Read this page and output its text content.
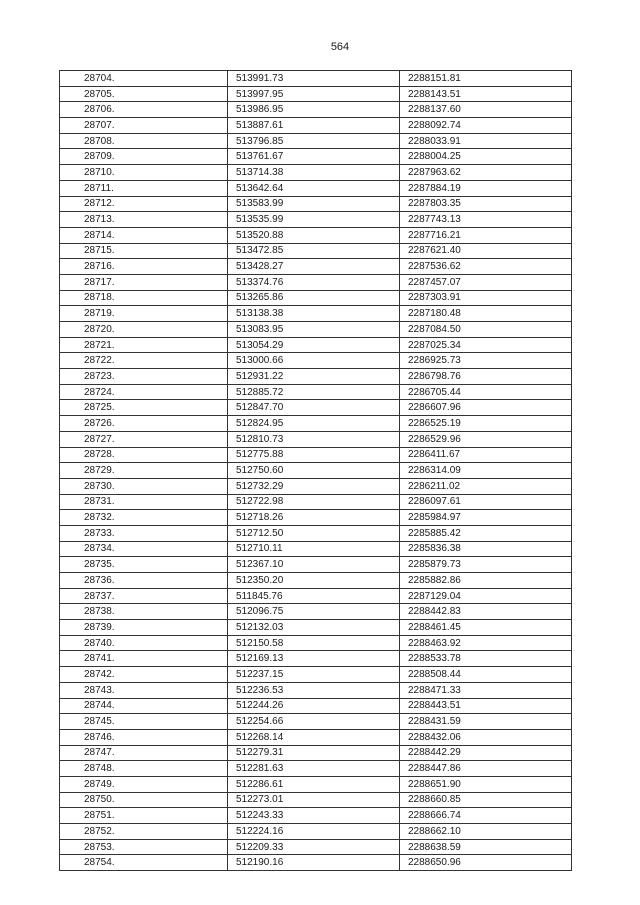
564
28704.	513991.73	2288151.81
28705.	513997.95	2288143.51
28706.	513986.95	2288137.60
28707.	513887.61	2288092.74
28708.	513796.85	2288033.91
28709.	513761.67	2288004.25
28710.	513714.38	2287963.62
28711.	513642.64	2287884.19
28712.	513583.99	2287803.35
28713.	513535.99	2287743.13
28714.	513520.88	2287716.21
28715.	513472.85	2287621.40
28716.	513428.27	2287536.62
28717.	513374.76	2287457.07
28718.	513265.86	2287303.91
28719.	513138.38	2287180.48
28720.	513083.95	2287084.50
28721.	513054.29	2287025.34
28722.	513000.66	2286925.73
28723.	512931.22	2286798.76
28724.	512885.72	2286705.44
28725.	512847.70	2286607.96
28726.	512824.95	2286525.19
28727.	512810.73	2286529.96
28728.	512775.88	2286411.67
28729.	512750.60	2286314.09
28730.	512732.29	2286211.02
28731.	512722.98	2286097.61
28732.	512718.26	2285984.97
28733.	512712.50	2285885.42
28734.	512710.11	2285836.38
28735.	512367.10	2285879.73
28736.	512350.20	2285882.86
28737.	511845.76	2287129.04
28738.	512096.75	2288442.83
28739.	512132.03	2288461.45
28740.	512150.58	2288463.92
28741.	512169.13	2288533.78
28742.	512237.15	2288508.44
28743.	512236.53	2288471.33
28744.	512244.26	2288443.51
28745.	512254.66	2288431.59
28746.	512268.14	2288432.06
28747.	512279.31	2288442.29
28748.	512281.63	2288447.86
28749.	512286.61	2288651.90
28750.	512273.01	2288660.85
28751.	512243.33	2288666.74
28752.	512224.16	2288662.10
28753.	512209.33	2288638.59
28754.	512190.16	2288650.96
